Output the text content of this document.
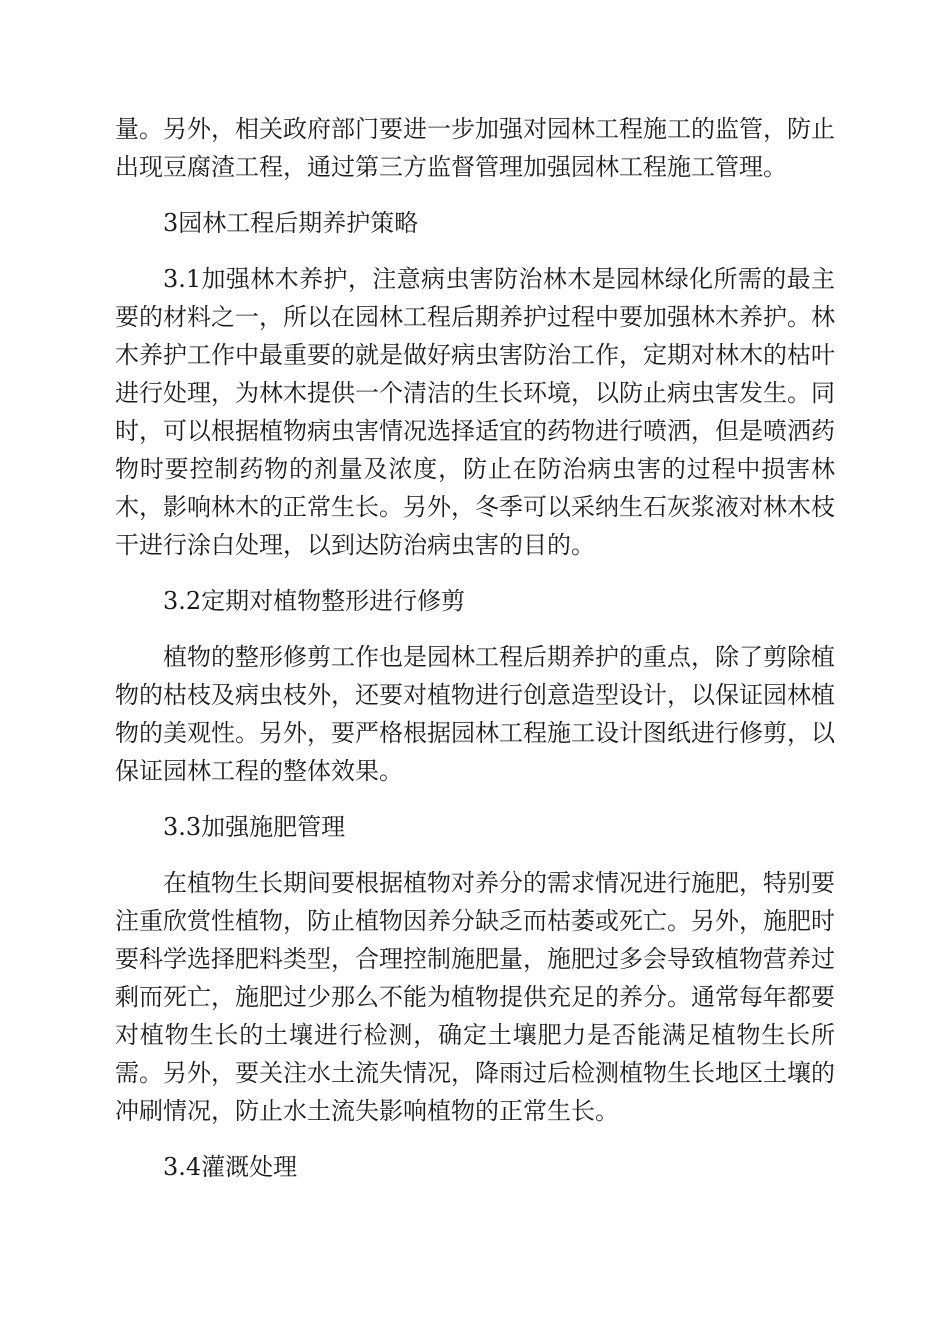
量。另外，相关政府部门要进一步加强对园林工程施工的监管，防止出现豆腐渣工程，通过第三方监督管理加强园林工程施工管理。

3园林工程后期养护策略

3.1加强林木养护，注意病虫害防治林木是园林绿化所需的最主要的材料之一，所以在园林工程后期养护过程中要加强林木养护。林木养护工作中最重要的就是做好病虫害防治工作，定期对林木的枯叶进行处理，为林木提供一个清洁的生长环境，以防止病虫害发生。同时，可以根据植物病虫害情况选择适宜的药物进行喷洒，但是喷洒药物时要控制药物的剂量及浓度，防止在防治病虫害的过程中损害林木，影响林木的正常生长。另外，冬季可以采纳生石灰浆液对林木枝干进行涂白处理，以到达防治病虫害的目的。

3.2定期对植物整形进行修剪

植物的整形修剪工作也是园林工程后期养护的重点，除了剪除植物的枯枝及病虫枝外，还要对植物进行创意造型设计，以保证园林植物的美观性。另外，要严格根据园林工程施工设计图纸进行修剪，以保证园林工程的整体效果。

3.3加强施肥管理

在植物生长期间要根据植物对养分的需求情况进行施肥，特别要注重欣赏性植物，防止植物因养分缺乏而枯萎或死亡。另外，施肥时要科学选择肥料类型，合理控制施肥量，施肥过多会导致植物营养过剩而死亡，施肥过少那么不能为植物提供充足的养分。通常每年都要对植物生长的土壤进行检测，确定土壤肥力是否能满足植物生长所需。另外，要关注水土流失情况，降雨过后检测植物生长地区土壤的冲刷情况，防止水土流失影响植物的正常生长。

3.4灌溉处理
